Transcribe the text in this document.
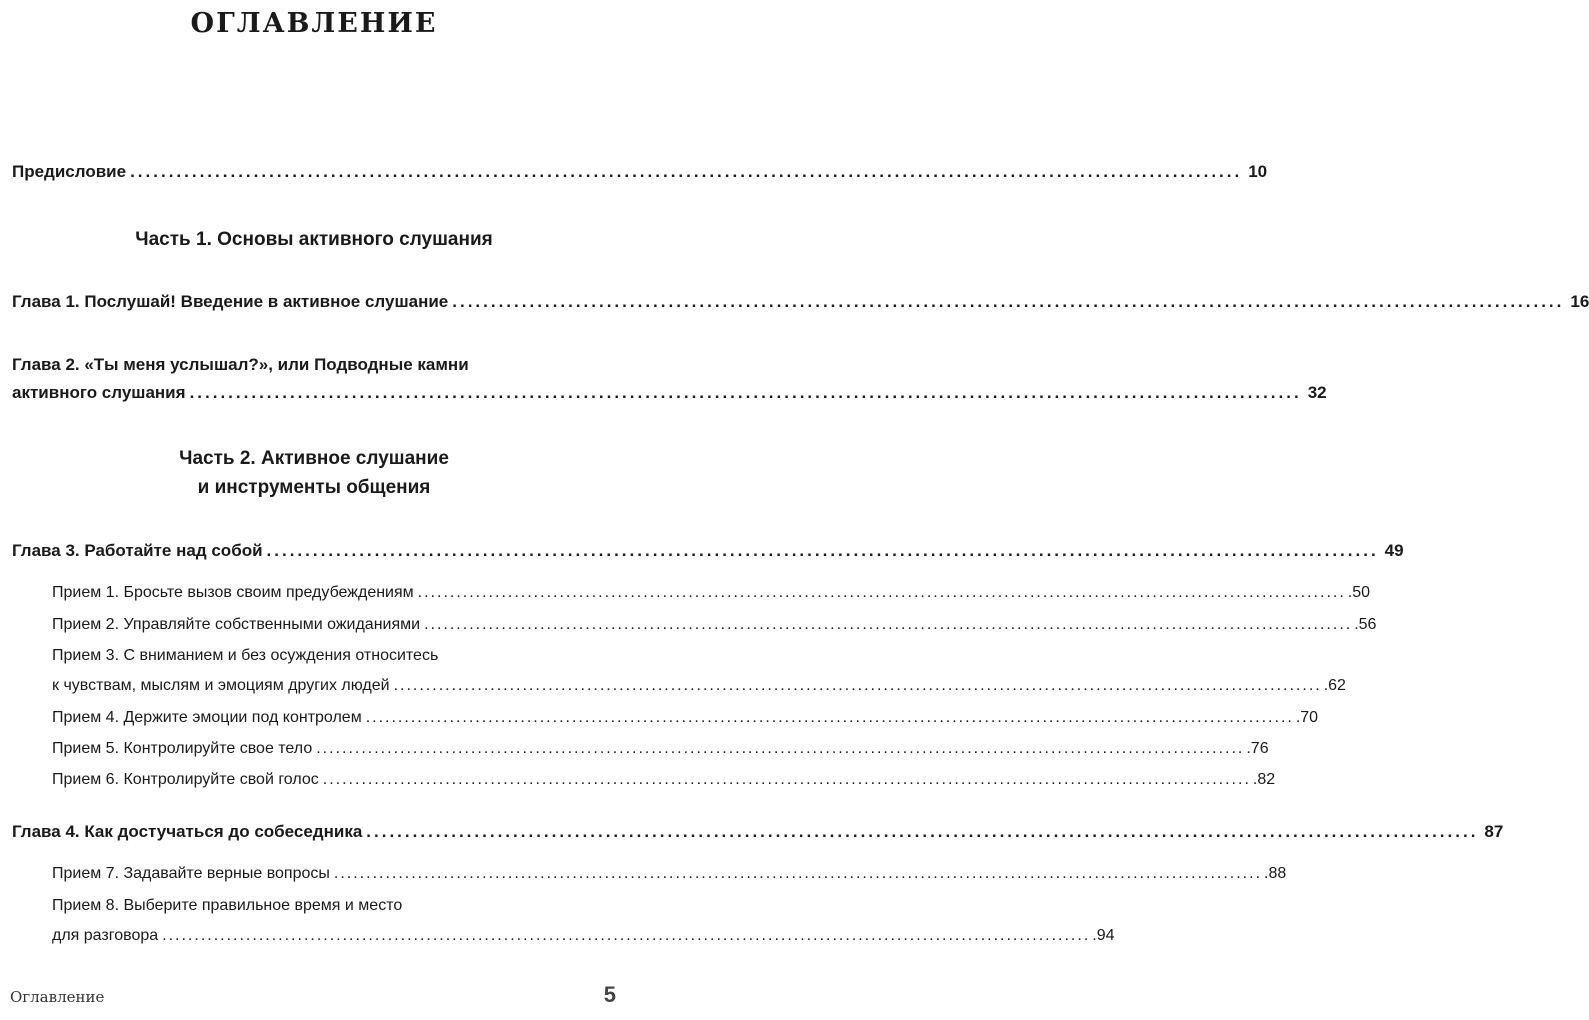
ОГЛАВЛЕНИЕ
Предисловие ................................................................................................................................................ 10
Часть 1. Основы активного слушания
Глава 1. Послушай! Введение в активное слушание ................................................................................................................................................ 16
Глава 2. «Ты меня услышал?», или Подводные камни
активного слушания ................................................................................................................................................ 32
Часть 2. Активное слушание
и инструменты общения
Глава 3. Работайте над собой ................................................................................................................................................ 49
Прием 1. Бросьте вызов своим предубеждениям ................................................................................................................................................ .50
Прием 2. Управляйте собственными ожиданиями ................................................................................................................................................ .56
Прием 3. С вниманием и без осуждения относитесь
к чувствам, мыслям и эмоциям других людей ................................................................................................................................................ .62
Прием 4. Держите эмоции под контролем ................................................................................................................................................ .70
Прием 5. Контролируйте свое тело ................................................................................................................................................ .76
Прием 6. Контролируйте свой голос ................................................................................................................................................ .82
Глава 4. Как достучаться до собеседника ................................................................................................................................................ 87
Прием 7. Задавайте верные вопросы ................................................................................................................................................ .88
Прием 8. Выберите правильное время и место
для разговора ................................................................................................................................................ .94
Оглавление	5
